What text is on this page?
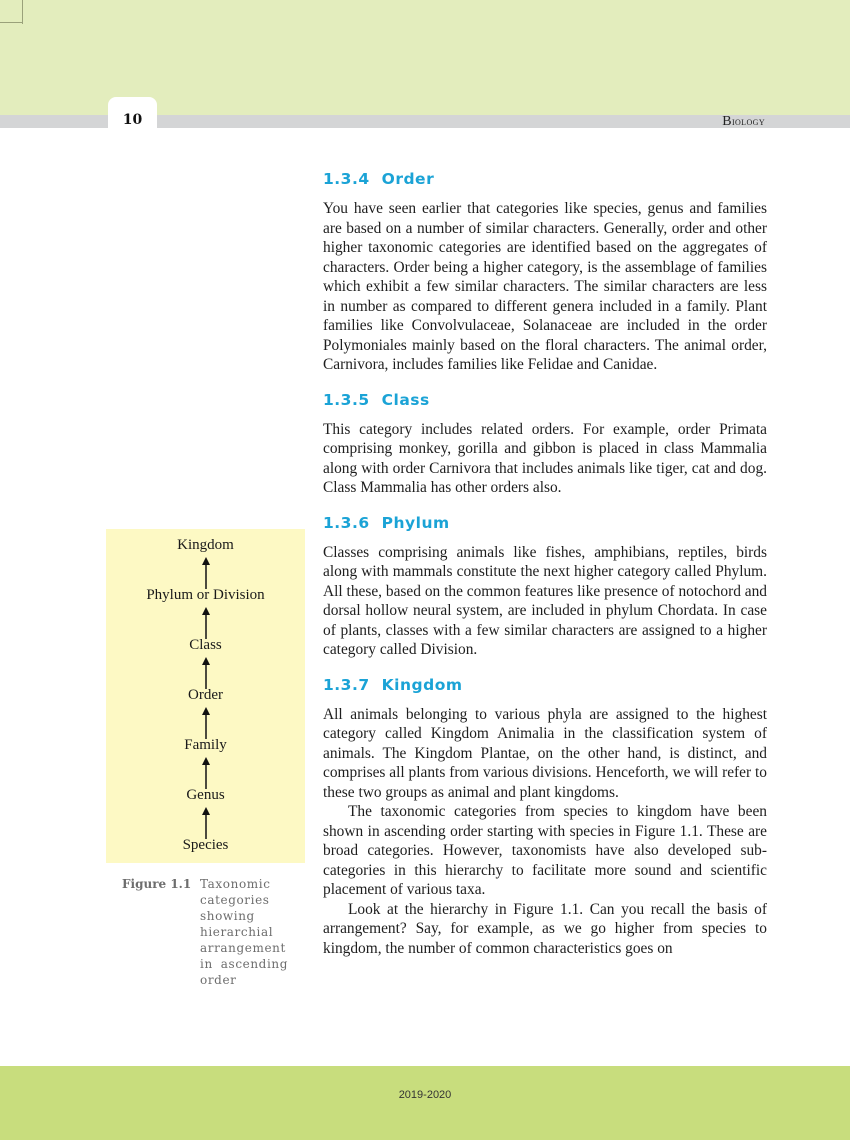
10	Biology
1.3.4 Order

You have seen earlier that categories like species, genus and families are based on a number of similar characters. Generally, order and other higher taxonomic categories are identified based on the aggregates of characters. Order being a higher category, is the assemblage of families which exhibit a few similar characters. The similar characters are less in number as compared to different genera included in a family. Plant families like Convolvulaceae, Solanaceae are included in the order Polymoniales mainly based on the floral characters. The animal order, Carnivora, includes families like Felidae and Canidae.

1.3.5 Class

This category includes related orders. For example, order Primata comprising monkey, gorilla and gibbon is placed in class Mammalia along with order Carnivora that includes animals like tiger, cat and dog. Class Mammalia has other orders also.

1.3.6 Phylum

Classes comprising animals like fishes, amphibians, reptiles, birds along with mammals constitute the next higher category called Phylum. All these, based on the common features like presence of notochord and dorsal hollow neural system, are included in phylum Chordata. In case of plants, classes with a few similar characters are assigned to a higher category called Division.

1.3.7 Kingdom

All animals belonging to various phyla are assigned to the highest category called Kingdom Animalia in the classification system of animals. The Kingdom Plantae, on the other hand, is distinct, and comprises all plants from various divisions. Henceforth, we will refer to these two groups as animal and plant kingdoms.

The taxonomic categories from species to kingdom have been shown in ascending order starting with species in Figure 1.1. These are broad categories. However, taxonomists have also developed sub-categories in this hierarchy to facilitate more sound and scientific placement of various taxa.

Look at the hierarchy in Figure 1.1. Can you recall the basis of arrangement? Say, for example, as we go higher from species to kingdom, the number of common characteristics goes on

Kingdom
Phylum or Division
Class
Order
Family
Genus
Species
Figure 1.1 Taxonomic categories showing hierarchial arrangement in ascending order
2019-2020
